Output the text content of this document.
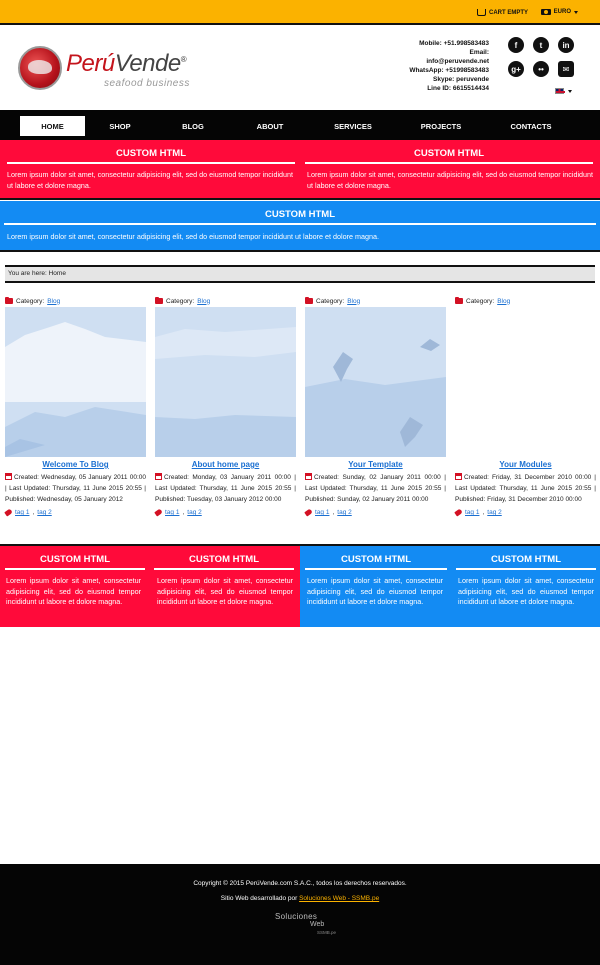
CART EMPTY	EURO
PerúVende®
seafood business
Mobile: +51.998583483
Email:
info@peruvende.net
WhatsApp: +51998583483
Skype: peruvende
Line ID: 6615514434
f	t	in
g+	••	✉
HOME	SHOP	BLOG	ABOUT	SERVICES	PROJECTS	CONTACTS
CUSTOM HTML
Lorem ipsum dolor sit amet, consectetur adipisicing elit, sed do eiusmod tempor incididunt ut labore et dolore magna.
CUSTOM HTML
Lorem ipsum dolor sit amet, consectetur adipisicing elit, sed do eiusmod tempor incididunt ut labore et dolore magna.
CUSTOM HTML
Lorem ipsum dolor sit amet, consectetur adipisicing elit, sed do eiusmod tempor incididunt ut labore et dolore magna.
You are here: Home
Category: Blog
Welcome To Blog
Created: Wednesday, 05 January 2011 00:00 | Last Updated: Thursday, 11 June 2015 20:55 | Published: Wednesday, 05 January 2012
tag 1 , tag 2
Category: Blog
About home page
Created: Monday, 03 January 2011 00:00 | Last Updated: Thursday, 11 June 2015 20:55 | Published: Tuesday, 03 January 2012 00:00
tag 1 , tag 2
Category: Blog
Your Template
Created: Sunday, 02 January 2011 00:00 | Last Updated: Thursday, 11 June 2015 20:55 | Published: Sunday, 02 January 2011 00:00
tag 1 , tag 2
Category: Blog
Your Modules
Created: Friday, 31 December 2010 00:00 | Last Updated: Thursday, 11 June 2015 20:55 | Published: Friday, 31 December 2010 00:00
tag 1 , tag 2
CUSTOM HTML
Lorem ipsum dolor sit amet, consectetur adipisicing elit, sed do eiusmod tempor incididunt ut labore et dolore magna.
CUSTOM HTML
Lorem ipsum dolor sit amet, consectetur adipisicing elit, sed do eiusmod tempor incididunt ut labore et dolore magna.
CUSTOM HTML
Lorem ipsum dolor sit amet, consectetur adipisicing elit, sed do eiusmod tempor incididunt ut labore et dolore magna.
CUSTOM HTML
Lorem ipsum dolor sit amet, consectetur adipisicing elit, sed do eiusmod tempor incididunt ut labore et dolore magna.
Copyright © 2015 PerúVende.com S.A.C., todos los derechos reservados.
Sitio Web desarrollado por Soluciones Web - SSMB.pe
Soluciones
Web
SSMB.pe
